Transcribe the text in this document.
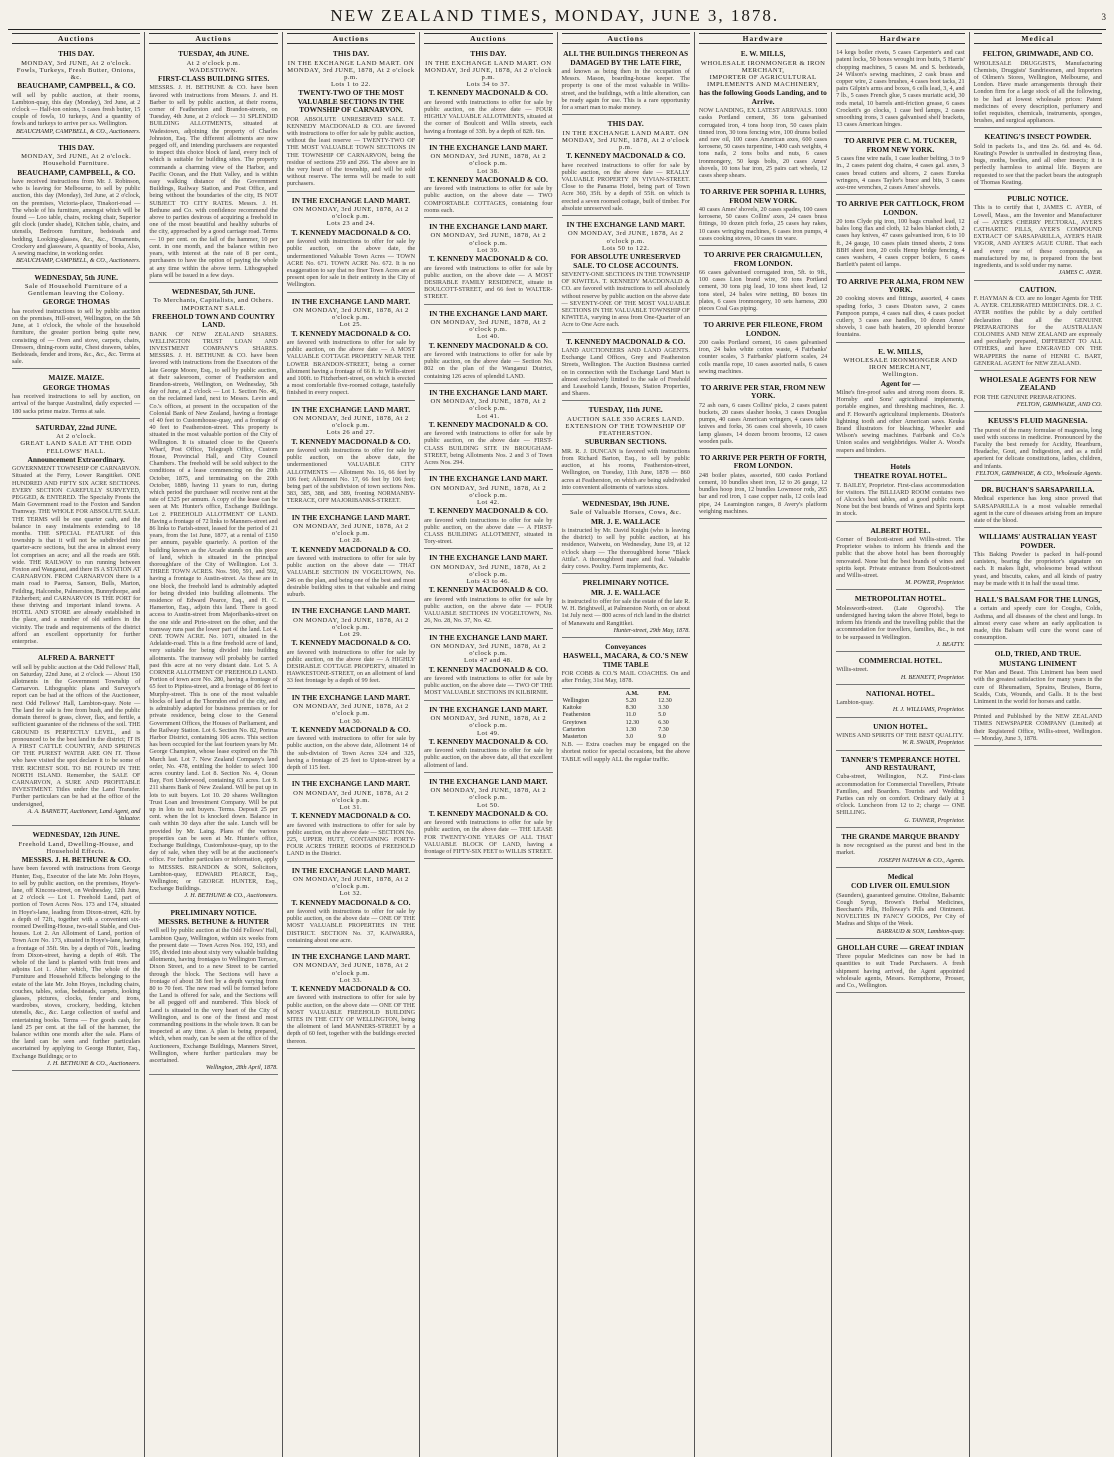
3
NEW ZEALAND TIMES, MONDAY, JUNE 3, 1878.
Auctions
THIS DAY.
MONDAY, 3rd JUNE, At 2 o'clock.
Fowls, Turkeys, Fresh Butter, Onions, &c.
BEAUCHAMP, CAMPBELL, & CO.
will sell by public auction, at their rooms, Lambton-quay, this day (Monday), 3rd June, at 2 o'clock — Half-ton onions, 3 cases fresh butter, 15 couple of fowls, 10 turkeys, And a quantity of fowls and turkeys to arrive per s.s. Wellington.
BEAUCHAMP, CAMPBELL, & CO., Auctioneers.
THIS DAY.
MONDAY, 3rd JUNE, At 2 o'clock.
Household Furniture.
BEAUCHAMP, CAMPBELL, & CO.
have received instructions from Mr. J. Robinson, who is leaving for Melbourne, to sell by public auction, this day (Monday), 3rd June, at 2 o'clock, on the premises, Victoria-place, Tinakori-road — The whole of his furniture, amongst which will be found — Loo table, chairs, rocking chair, Superior gilt clock (under shade), Kitchen table, chairs, and utensils, Bedroom furniture, bedsteads and bedding, Looking-glasses, &c., &c., Ornaments, Crockery and glassware, A quantity of books, Also, A sewing machine, in working order.
BEAUCHAMP, CAMPBELL, & CO., Auctioneers.
WEDNESDAY, 5th JUNE.
Sale of Household Furniture of a Gentleman leaving the Colony.
GEORGE THOMAS
has received instructions to sell by public auction on the premises, Hill-street, Wellington, on the 5th June, at 1 o'clock, the whole of the household furniture, the greater portion being quite new, consisting of — Oven and stove, carpets, chairs, Dressers, dining-room suite, Chest drawers, tables, Bedsteads, fender and irons, &c., &c., &c. Terms at sale.
MAIZE. MAIZE.
GEORGE THOMAS
has received instructions to sell by auction, on arrival of the barque Australind, daily expected — 180 sacks prime maize. Terms at sale.
SATURDAY, 22nd JUNE.
At 2 o'clock.
GREAT LAND SALE AT THE ODD FELLOWS' HALL.
Announcement Extraordinary.
GOVERNMENT TOWNSHIP OF CARNARVON. Situated at the Ferry, Lower Rangitikei. ONE HUNDRED AND FIFTY SIX ACRE SECTIONS. EVERY SECTION CAREFULLY SURVEYED, PEGGED, & ENTERED. The Specialty Fronts the Main Government road to the Foxton and Sandon Tramway. THE WHOLE FOR ABSOLUTE SALE. THE TERMS will be one quarter cash, and the balance in easy instalments extending to 18 months. THE SPECIAL FEATURE of this township is that it will not be subdivided into quarter-acre sections, but the area in almost every lot comprises an acre; and all the roads are 66ft. wide. THE RAILWAY to run running between Foxton and Wanganui, and there IS A STATION AT CARNARVON. FROM CARNARVON there is a main road to Paeroa, Sanson, Bulls, Marton, Feilding, Halcombe, Palmerston, Bunnythorpe, and Fitzherbert; and CARNARVON IS THE PORT for these thriving and important inland towns. A HOTEL AND STORE are already established in the place, and a number of old settlers in the vicinity. The trade and requirements of the district afford an excellent opportunity for further enterprise.
ALFRED A. BARNETT
will sell by public auction at the Odd Fellows' Hall, on Saturday, 22nd June, at 2 o'clock — About 150 allotments in the Government Township of Carnarvon. Lithographic plans and Surveyor's report can be had at the offices of the Auctioneer, next Odd Fellows' Hall, Lambton-quay. Note — The land for sale is free from bush, and the public domain thereof is grass, clover, flax, and fertile, a sufficient guarantee of the richness of the soil. THE GROUND IS PERFECTLY LEVEL, and is pronounced to be the best land in the district; IT IS A FIRST CATTLE COUNTRY, AND SPRINGS OF THE PUREST WATER ARE ON IT. Those who have visited the spot declare it to be some of THE RICHEST SOIL TO BE FOUND IN THE NORTH ISLAND. Remember, the SALE OF CARNARVON, A SURE AND PROFITABLE INVESTMENT. Titles under the Land Transfer. Further particulars can be had at the office of the undersigned,
A. A. BARNETT, Auctioneer, Land Agent, and Valuator.
WEDNESDAY, 12th JUNE.
Freehold Land, Dwelling-House, and Household Effects.
MESSRS. J. H. BETHUNE & CO.
have been favored with instructions from George Hunter, Esq., Executor of the late Mr. John Hoyes, to sell by public auction, on the premises, Hoye's-lane, off Kincora-street, on Wednesday, 12th June, at 2 o'clock — Lot 1. Freehold Land, part of portion of Town Acres Nos. 173 and 174, situated in Hoye's-lane, leading from Dixon-street, 42ft. by a depth of 72ft., together with a convenient six-roomed Dwelling-House, two-stall Stable, and Out-houses. Lot 2. An Allotment of Land, portion of Town Acre No. 173, situated in Hoye's-lane, having a frontage of 35ft. 9in. by a depth of 70ft., leading from Dixon-street, having a depth of 46ft. The whole of the land is planted with fruit trees and adjoins Lot 1. After which, The whole of the Furniture and Household Effects belonging to the estate of the late Mr. John Hoyes, including chairs, couches, tables, sofas, bedsteads, carpets, looking glasses, pictures, clocks, fender and irons, wardrobes, stoves, crockery, bedding, kitchen utensils, &c., &c. Large collection of useful and entertaining books. Terms — For goods cash, for land 25 per cent. at the fall of the hammer, the balance within one month after the sale. Plans of the land can be seen and further particulars ascertained by applying to George Hunter, Esq., Exchange Buildings; or to
J. H. BETHUNE & CO., Auctioneers.
Auctions
TUESDAY, 4th JUNE.
At 2 o'clock p.m.
WADESTOWN.
FIRST-CLASS BUILDING SITES.
MESSRS. J. H. BETHUNE & CO. have been favored with instructions from Messrs. J. and H. Barber to sell by public auction, at their rooms, corner of Featherston and Brandon-streets, on Tuesday, 4th June, at 2 o'clock — 31 SPLENDID BUILDING ALLOTMENTS, situated at Wadestown, adjoining the property of Charles Johnston, Esq. The different allotments are now pegged off, and intending purchasers are requested to inspect this choice block of land, every inch of which is suitable for building sites. The property commands a charming view of the Harbor, and Pacific Ocean, and the Hutt Valley, and is within easy walking distance of the Government Buildings, Railway Station, and Post Office, and being without the boundaries of the city, IS NOT SUBJECT TO CITY RATES. Messrs. J. H. Bethune and Co. with confidence recommend the above to parties desirous of acquiring a freehold in one of the most beautiful and healthy suburbs of the city, approached by a good carriage road. Terms — 10 per cent. on the fall of the hammer, 10 per cent. in one month, and the balance within two years, with interest at the rate of 8 per cent., purchasers to have the option of paying the whole at any time within the above term. Lithographed plans will be issued in a few days.
WEDNESDAY, 5th JUNE.
To Merchants, Capitalists, and Others.
IMPORTANT SALE.
FREEHOLD TOWN AND COUNTRY LAND.
BANK OF NEW ZEALAND SHARES. WELLINGTON TRUST LOAN AND INVESTMENT COMPANY'S SHARES. MESSRS. J. H. BETHUNE & CO. have been favored with instructions from the Executors of the late George Moore, Esq., to sell by public auction, at their salesroom, corner of Featherston and Brandon-streets, Wellington, on Wednesday, 5th day of June, at 2 o'clock — Lot 1. Section No. 46, on the reclaimed land, next to Messrs. Levin and Co.'s offices, at present in the occupation of the Colonial Bank of New Zealand, having a frontage of 40 feet to Customhouse-quay, and a frontage of 40 feet to Featherston-street. This property is situated in the most valuable portion of the City of Wellington. It is situated close to the Queen's Wharf, Post Office, Telegraph Office, Custom House, Provincial Hall, and City Council Chambers. The freehold will be sold subject to the conditions of a lease commencing on the 20th October, 1875, and terminating on the 20th October, 1889, having 11 years to run, during which period the purchaser will receive rent at the rate of £325 per annum. A copy of the lease can be seen at Mr. Hunter's office, Exchange Buildings. Lot 2. FREEHOLD ALLOTMENT OF LAND. Having a frontage of 72 links to Manners-street and 86 links to Farish-street, leased for the period of 21 years, from the 1st June, 1877, at a rental of £150 per annum, payable quarterly. A portion of the building known as the Arcade stands on this piece of land, which is situated in the principal thoroughfare of the City of Wellington. Lot 3. THREE TOWN ACRES. Nos. 590, 591, and 592, having a frontage to Austin-street. As these are in one block, the freehold land is admirably adapted for being divided into building allotments. The residence of Edward Pearce, Esq., and H. C. Hamerton, Esq., adjoin this land. There is good access to Austin-street from Majoribanks-street on the one side and Pirie-street on the other, and the tramway runs past the lower part of the land. Lot 4. ONE TOWN ACRE. No. 1071, situated in the Adelaide-road. This is a fine freehold acre of land, very suitable for being divided into building allotments. The tramway will probably be carried past this acre at no very distant date. Lot 5. A CORNER ALLOTMENT OF FREEHOLD LAND. Portion of town acre No. 280, having a frontage of 65 feet to Pipitea-street, and a frontage of 86 feet to Murphy-street. This is one of the most valuable blocks of land at the Thorndon end of the city, and is admirably adapted for business premises or for private residence, being close to the General Government Offices, the Houses of Parliament, and the Railway Station. Lot 6. Section No. 82, Porirua Harbor District, containing 106 acres. This section has been occupied for the last fourteen years by Mr. George Champion, whose lease expired on the 7th March last. Lot 7. New Zealand Company's land order, No. 478, entitling the holder to select 100 acres country land. Lot 8. Section No. 4, Ocean Bay, Fort Underwood, containing 63 acres. Lot 9. 211 shares Bank of New Zealand. Will be put up in lots to suit buyers. Lot 10. 20 shares Wellington Trust Loan and Investment Company. Will be put up in lots to suit buyers. Terms. Deposit 25 per cent. when the lot is knocked down. Balance in cash within 30 days after the sale. Lunch will be provided by Mr. Laing. Plans of the various properties can be seen at Mr. Hunter's office, Exchange Buildings, Customhouse-quay, up to the day of sale, when they will be at the auctioneer's office. For further particulars or information, apply to MESSRS. BRANDON & SON, Solicitors, Lambton-quay, EDWARD PEARCE, Esq., Wellington; or GEORGE HUNTER, Esq., Exchange Buildings.
J. H. BETHUNE & CO., Auctioneers.
PRELIMINARY NOTICE.
MESSRS. BETHUNE & HUNTER
will sell by public auction at the Odd Fellows' Hall, Lambton Quay, Wellington, within six weeks from the present date — Town Acres Nos. 192, 193, and 195, divided into about sixty very valuable building allotments, having frontages to Wellington Terrace, Dixon Street, and to a new Street to be carried through the block. The Sections will have a frontage of about 38 feet by a depth varying from 80 to 70 feet. The new road will be formed before the Land is offered for sale, and the Sections will be all pegged off and numbered. This block of Land is situated in the very heart of the City of Wellington, and is one of the finest and most commanding positions in the whole town. It can be inspected at any time. A plan is being prepared, which, when ready, can be seen at the office of the Auctioneers, Exchange Buildings, Manners Street, Wellington, where further particulars may be ascertained.
Wellington, 28th April, 1878.
Auctions
THIS DAY.
IN THE EXCHANGE LAND MART. ON MONDAY, 3rd JUNE, 1878, At 2 o'clock p.m.
Lots 1 to 22.
TWENTY-TWO OF THE MOST VALUABLE SECTIONS IN THE TOWNSHIP OF CARNARVON.
FOR ABSOLUTE UNRESERVED SALE. T. KENNEDY MACDONALD & CO. are favored with instructions to offer for sale by public auction, without the least reserve — TWENTY-TWO OF THE MOST VALUABLE TOWN SECTIONS IN THE TOWNSHIP OF CARNARVON, being the residue of sections 259 and 266. The above are in the very heart of the township, and will be sold without reserve. The terms will be made to suit purchasers.
IN THE EXCHANGE LAND MART.
ON MONDAY, 3rd JUNE, 1878, At 2 o'clock p.m.
Lots 23 and 24.
T. KENNEDY MACDONALD & CO.
are favored with instructions to offer for sale by public auction, on the above date, the undermentioned Valuable Town Acres — TOWN ACRE No. 671. TOWN ACRE No. 672. It is no exaggeration to say that no finer Town Acres are at present open for sale in their entirety in the City of Wellington.
IN THE EXCHANGE LAND MART.
ON MONDAY, 3rd JUNE, 1878, At 2 o'clock p.m.
Lot 25.
T. KENNEDY MACDONALD & CO.
are favored with instructions to offer for sale by public auction, on the above date — A MOST VALUABLE COTTAGE PROPERTY NEAR THE LOWER BRANDON-STREET, being a corner allotment having a frontage of 66 ft. to Willis-street and 100ft. to Fitzherbert-street, on which is erected a most comfortable five-roomed cottage, tastefully finished in every respect.
IN THE EXCHANGE LAND MART.
ON MONDAY, 3rd JUNE, 1878, At 2 o'clock p.m.
Lots 26 and 27.
T. KENNEDY MACDONALD & CO.
are favored with instructions to offer for sale by public auction, on the above date, the undermentioned VALUABLE CITY ALLOTMENTS — Allotment No. 16, 66 feet by 106 feet; Allotment No. 17, 66 feet by 106 feet; being part of the subdivision of town sections Nos. 383, 385, 388, and 389, fronting NORMANBY-TERRACE, OFF MAJORIBANKS-STREET.
IN THE EXCHANGE LAND MART.
ON MONDAY, 3rd JUNE, 1878, At 2 o'clock p.m.
Lot 28.
T. KENNEDY MACDONALD & CO.
are favored with instructions to offer for sale by public auction on the above date — THAT VALUABLE SECTION IN VOGELTOWN, No. 246 on the plan, and being one of the best and most desirable building sites in that valuable and rising suburb.
IN THE EXCHANGE LAND MART.
ON MONDAY, 3rd JUNE, 1878, At 2 o'clock p.m.
Lot 29.
T. KENNEDY MACDONALD & CO.
are favored with instructions to offer for sale by public auction, on the above date — A HIGHLY DESIRABLE COTTAGE PROPERTY, situated in HAWKESTONE-STREET, on an allotment of land 33 feet frontage by a depth of 99 feet.
IN THE EXCHANGE LAND MART.
ON MONDAY, 3rd JUNE, 1878, At 2 o'clock p.m.
Lot 30.
T. KENNEDY MACDONALD & CO.
are favored with instructions to offer for sale by public auction, on the above date, Allotment 14 of the sub-division of Town Acres 324 and 325, having a frontage of 25 feet to Upton-street by a depth of 115 feet.
IN THE EXCHANGE LAND MART.
ON MONDAY, 3rd JUNE, 1878, At 2 o'clock p.m.
Lot 31.
T. KENNEDY MACDONALD & CO.
are favored with instructions to offer for sale by public auction, on the above date — SECTION No. 225, UPPER HUTT, CONTAINING FORTY-FOUR ACRES THREE ROODS of FREEHOLD LAND in the District.
IN THE EXCHANGE LAND MART.
ON MONDAY, 3rd JUNE, 1878, At 2 o'clock p.m.
Lot 32.
T. KENNEDY MACDONALD & CO.
are favored with instructions to offer for sale by public auction, on the above date — ONE OF THE MOST VALUABLE PROPERTIES IN THE DISTRICT. SECTION No. 37, KAIWARRA, containing about one acre.
IN THE EXCHANGE LAND MART.
ON MONDAY, 3rd JUNE, 1878, At 2 o'clock p.m.
Lot 33.
T. KENNEDY MACDONALD & CO.
are favored with instructions to offer for sale by public auction, on the above date — ONE OF THE MOST VALUABLE FREEHOLD BUILDING SITES IN THE CITY OF WELLINGTON, being the allotment of land MANNERS-STREET by a depth of 60 feet, together with the buildings erected thereon.
Auctions
THIS DAY.
IN THE EXCHANGE LAND MART. ON MONDAY, 3rd JUNE, 1878, At 2 o'clock p.m.
Lots 34 to 37.
T. KENNEDY MACDONALD & CO.
are favored with instructions to offer for sale by public auction, on the above date — FOUR HIGHLY VALUABLE ALLOTMENTS, situated at the corner of Boulcott and Willis streets, each having a frontage of 33ft. by a depth of 82ft. 6in.
IN THE EXCHANGE LAND MART.
ON MONDAY, 3rd JUNE, 1878, At 2 o'clock p.m.
Lot 38.
T. KENNEDY MACDONALD & CO.
are favored with instructions to offer for sale by public auction, on the above date — TWO COMFORTABLE COTTAGES, containing four rooms each.
IN THE EXCHANGE LAND MART.
ON MONDAY, 3rd JUNE, 1878, At 2 o'clock p.m.
Lot 39.
T. KENNEDY MACDONALD & CO.
are favored with instructions to offer for sale by public auction, on the above date — A MOST DESIRABLE FAMILY RESIDENCE, situate in BOULCOTT-STREET, and 66 feet to WALTER-STREET.
IN THE EXCHANGE LAND MART.
ON MONDAY, 3rd JUNE, 1878, At 2 o'clock p.m.
Lot 40.
T. KENNEDY MACDONALD & CO.
are favored with instructions to offer for sale by public auction, on the above date — Section No. 802 on the plan of the Wanganui District, containing 126 acres of splendid LAND.
IN THE EXCHANGE LAND MART.
ON MONDAY, 3rd JUNE, 1878, At 2 o'clock p.m.
Lot 41.
T. KENNEDY MACDONALD & CO.
are favored with instructions to offer for sale by public auction, on the above date — FIRST-CLASS BUILDING SITE IN BROUGHAM-STREET, being Allotments Nos. 2 and 3 of Town Acres Nos. 294.
IN THE EXCHANGE LAND MART.
ON MONDAY, 3rd JUNE, 1878, At 2 o'clock p.m.
Lot 42.
T. KENNEDY MACDONALD & CO.
are favored with instructions to offer for sale by public auction, on the above date — A FIRST-CLASS BUILDING ALLOTMENT, situated in Tory-street.
IN THE EXCHANGE LAND MART.
ON MONDAY, 3rd JUNE, 1878, At 2 o'clock p.m.
Lots 43 to 46.
T. KENNEDY MACDONALD & CO.
are favored with instructions to offer for sale by public auction, on the above date — FOUR VALUABLE SECTIONS IN VOGELTOWN, No. 26, No. 28, No. 37, No. 42.
IN THE EXCHANGE LAND MART.
ON MONDAY, 3rd JUNE, 1878, At 2 o'clock p.m.
Lots 47 and 48.
T. KENNEDY MACDONALD & CO.
are favored with instructions to offer for sale by public auction, on the above date — TWO OF THE MOST VALUABLE SECTIONS IN KILBIRNIE.
IN THE EXCHANGE LAND MART.
ON MONDAY, 3rd JUNE, 1878, At 2 o'clock p.m.
Lot 49.
T. KENNEDY MACDONALD & CO.
are favored with instructions to offer for sale by public auction, on the above date, all that excellent allotment of land.
IN THE EXCHANGE LAND MART.
ON MONDAY, 3rd JUNE, 1878, At 2 o'clock p.m.
Lot 50.
T. KENNEDY MACDONALD & CO.
are favored with instructions to offer for sale by public auction, on the above date — THE LEASE FOR TWENTY-ONE YEARS OF ALL THAT VALUABLE BLOCK OF LAND, having a frontage of FIFTY-SIX FEET to WILLIS STREET.
Auctions
ALL THE BUILDINGS THEREON AS DAMAGED BY THE LATE FIRE,
and known as being then in the occupation of Messrs. Mason, boarding-house keeper. The property is one of the most valuable in Willis-street, and the buildings, with a little alteration, can be ready again for use. This is a rare opportunity for a smart man to make money.
THIS DAY.
IN THE EXCHANGE LAND MART. ON MONDAY, 3rd JUNE, 1878, At 2 o'clock p.m.
T. KENNEDY MACDONALD & CO.
have received instructions to offer for sale by public auction, on the above date — REALLY VALUABLE PROPERTY IN VIVIAN-STREET. Close to the Panama Hotel, being part of Town Acre 360, 35ft. by a depth of 55ft. on which is erected a seven roomed cottage, built of timber. For absolute unreserved sale.
IN THE EXCHANGE LAND MART.
ON MONDAY, 3rd JUNE, 1878, At 2 o'clock p.m.
Lots 50 to 122.
FOR ABSOLUTE UNRESERVED SALE. TO CLOSE ACCOUNTS.
SEVENTY-ONE SECTIONS IN THE TOWNSHIP OF KIWITEA. T. KENNEDY MACDONALD & CO. are favored with instructions to sell absolutely without reserve by public auction on the above date — SEVENTY-ONE OF THE MOST VALUABLE SECTIONS IN THE VALUABLE TOWNSHIP OF KIWITEA, varying in area from One-Quarter of an Acre to One Acre each.
T. KENNEDY MACDONALD & CO.
LAND AUCTIONEERS AND LAND AGENTS. Exchange Land Offices, Grey and Featherston Streets, Wellington. The Auction Business carried on in connection with the Exchange Land Mart is almost exclusively limited to the sale of Freehold and Leasehold Lands, Houses, Station Properties, and Shares.
TUESDAY, 11th JUNE.
AUCTION SALE 330 ACRES LAND.
EXTENSION OF THE TOWNSHIP OF FEATHERSTON.
SUBURBAN SECTIONS.
MR. R. J. DUNCAN is favored with instructions from Richard Barton, Esq., to sell by public auction, at his rooms, Featherston-street, Wellington, on Tuesday, 11th June, 1878 — 860 acres at Featherston, on which are being subdivided into convenient allotments of various sizes.
WEDNESDAY, 19th JUNE.
Sale of Valuable Horses, Cows, &c.
MR. J. E. WALLACE
is instructed by Mr. David Knight (who is leaving the district) to sell by public auction, at his residence, Waiwetu, on Wednesday, June 19, at 12 o'clock sharp — The thoroughbred horse "Black Attila". A thoroughbred mare and foal. Valuable dairy cows. Poultry. Farm implements, &c.
PRELIMINARY NOTICE.
MR. J. E. WALLACE
is instructed to offer for sale the estate of the late R. W. H. Brightwell, at Palmerston North, on or about 1st July next — 800 acres of rich land in the district of Manawatu and Rangitikei.
Hunter-street, 29th May, 1878.
Conveyances
HASWELL, MACARA, & CO.'S NEW TIME TABLE
FOR COBB & CO.'S MAIL COACHES. On and after Friday, 31st May, 1878.
	A.M.	P.M.
Wellington	5.20	12.30
Kaitoke	8.30	3.30
Featherston	11.0	5.0
Greytown	12.30	6.30
Carterton	1.30	7.30
Masterton	3.0	9.0
N.B. — Extra coaches may be engaged on the shortest notice for special occasions, but the above TABLE will supply ALL the regular traffic.
Hardware
E. W. MILLS,
WHOLESALE IRONMONGER & IRON MERCHANT,
IMPORTER OF AGRICULTURAL IMPLEMENTS AND MACHINERY,
has the following Goods Landing, and to Arrive.
NOW LANDING, EX LATEST ARRIVALS. 1000 casks Portland cement, 36 tons galvanised corrugated iron, 4 tons hoop iron, 50 cases plain tinned iron, 30 tons fencing wire, 100 drums boiled and raw oil, 100 cases American axes, 600 cases kerosene, 50 cases turpentine, 1400 cash weights, 4 tons nails, 2 tons bolts and nuts, 6 cases ironmongery, 50 kegs bolts, 20 cases Ames' shovels, 10 tons bar iron, 25 pairs cart wheels, 12 cases sheep shears.
TO ARRIVE PER SOPHIA R. LUHRS, FROM NEW YORK.
40 cases Ames' shovels, 20 cases spades, 100 cases kerosene, 50 cases Collins' axes, 24 cases brass fittings, 10 dozen pitch forks, 25 cases hay rakes, 10 cases wringing machines, 6 cases iron pumps, 4 cases cooking stoves, 10 cases tin ware.
TO ARRIVE PER CRAIGMULLEN, FROM LONDON.
66 cases galvanised corrugated iron, 5ft. to 9ft., 100 cases Lion brand wire, 50 tons Portland cement, 30 tons pig lead, 10 tons sheet lead, 12 tons steel, 24 bales wire netting, 80 boxes tin plates, 6 cases ironmongery, 10 sets harness, 200 pieces Coal Gas piping.
TO ARRIVE PER FILEONE, FROM LONDON.
200 casks Portland cement, 16 cases galvanised iron, 24 bales white cotton waste, 4 Fairbanks' counter scales, 3 Fairbanks' platform scales, 24 coils manila rope, 10 cases assorted nails, 6 cases sewing machines.
TO ARRIVE PER STAR, FROM NEW YORK.
72 ash oars, 6 cases Collins' picks, 2 cases patent buckets, 20 cases slasher hooks, 3 cases Douglas pumps, 40 cases American wringers, 4 cases table knives and forks, 36 cases coal shovels, 10 cases lamp glasses, 14 dozen broom brooms, 12 cases wooden pails.
TO ARRIVE PER PERTH OF FORTH, FROM LONDON.
248 boiler plates, assorted, 600 casks Portland cement, 10 bundles sheet iron, 12 to 26 gauge, 12 bundles hoop iron, 12 bundles Lowmoor rods, 265 bar and rod iron, 1 case copper nails, 12 coils lead pipe, 24 Leamington ranges, 8 Avery's platform weighing machines.
Hardware
14 kegs boiler rivets, 5 cases Carpenter's and cast patent locks, 50 boxes wrought iron butts, 5 Harris' chopping machines, 5 cases M. and S. bedsteads, 24 Wilson's sewing machines, 2 cask brass and copper wire, 2 cases brushes, 4 cases boot tacks, 21 pairs Gilpin's arms and boxes, 6 cells lead, 3, 4, and 7 lb., 5 cases French glue, 5 cases muriatic acid, 30 rods metal, 10 barrels anti-friction grease, 6 cases Crockett's go clocks, 1 case bed lamps, 2 cases smoothing irons, 3 cases galvanised shelf brackets, 13 cases American hinges.
TO ARRIVE PER C. M. TUCKER, FROM NEW YORK.
5 cases fine wire nails, 1 case leather belting, 3 to 9 in., 2 cases patent dog chains, 4 cases gal. axes, 3 cases bread cutters and slicers, 2 cases Eureka wringers, 4 cases Taylor's brace and bits, 3 cases axe-tree wrenches, 2 cases Ames' shovels.
TO ARRIVE PER CATTLOCK, FROM LONDON.
20 tons Clyde pig iron, 100 bags crushed lead, 12 bales long flax and cloth, 12 bales blanket cloth, 2 cases hay knives, 47 cases galvanised iron, 6 to 10 ft., 24 gauge, 10 cases plain tinned sheets, 2 tons BBH sheet iron, 20 coils Hemp bridge fencing, 4 cases washers, 4 cases copper boilers, 6 cases Bartlett's patent oil lamps.
TO ARRIVE PER ALMA, FROM NEW YORK.
20 cooking stoves and fittings, assorted, 4 cases spading forks, 3 cases Disston saws, 2 cases Pampoon pumps, 4 cases nail dies, 4 cases pocket cutlery, 3 cases axe handles, 10 dozen Ames' shovels, 1 case bath heaters, 20 splendid bronze fountains.
E. W. MILLS,
WHOLESALE IRONMONGER AND IRON MERCHANT,
Wellington.
Agent for —
Milne's fire-proof safes and strong room doors. R. Hornsby and Sons' agricultural implements, portable engines, and threshing machines, &c. J. and F. Howard's agricultural implements. Disston's lightning tooth and other American saws. Keuka Brand illustrators for bleaching. Wheeler and Wilson's sewing machines. Fairbank and Co.'s Union scales and weighbridges. Walter A. Wood's reapers and binders.
Hotels
THEATRE ROYAL HOTEL.
T. BAILEY, Proprietor. First-class accommodation for visitors. The BILLIARD ROOM contains two of Alcock's best tables, and a good public room. None but the best brands of Wines and Spirits kept in stock.
ALBERT HOTEL.
Corner of Boulcott-street and Willis-street. The Proprietor wishes to inform his friends and the public that the above hotel has been thoroughly renovated. None but the best brands of wines and spirits kept. Private entrance from Boulcott-street and Willis-street.
M. POWER, Proprietor.
METROPOLITAN HOTEL.
Molesworth-street. (Late Ogorod's). The undersigned having taken the above Hotel, begs to inform his friends and the travelling public that the accommodation for travellers, families, &c., is not to be surpassed in Wellington.
J. BEATTY.
COMMERCIAL HOTEL.
Willis-street.
H. BENNETT, Proprietor.
NATIONAL HOTEL.
Lambton-quay.
H. J. WILLIAMS, Proprietor.
UNION HOTEL.
WINES AND SPIRITS OF THE BEST QUALITY.
W. R. SWAIN, Proprietor.
TANNER'S TEMPERANCE HOTEL AND RESTAURANT,
Cuba-street, Wellington, N.Z. First-class accommodation for Commercial Travellers, Private Families, and Boarders. Tourists and Wedding Parties can rely on comfort. Ordinary daily at 1 o'clock. Luncheon from 12 to 2; charge — ONE SHILLING.
G. TANNER, Proprietor.
THE GRANDE MARQUE BRANDY
is now recognised as the purest and best in the market.
JOSEPH NATHAN & CO., Agents.
Medical
COD LIVER OIL EMULSION
(Saunders), guaranteed genuine. Ottoline, Balsamic Cough Syrup, Brown's Herbal Medicines, Beecham's Pills, Holloway's Pills and Ointment. NOVELTIES IN FANCY GOODS, Per City of Madras and Ships of the Week.
BARRAUD & SON, Lambton-quay.
GHOLLAH CURE — GREAT INDIAN
Three popular Medicines can now be had in quantities to suit Trade Purchasers. A fresh shipment having arrived, the Agent appointed wholesale agents, Messrs. Kempthorne, Prosser, and Co., Wellington.
Medical
FELTON, GRIMWADE, AND CO.
WHOLESALE DRUGGISTS, Manufacturing Chemists, Druggists' Sundriesmen, and Importers of Oilmen's Stores, Wellington, Melbourne, and London. Have made arrangements through their London firm for a large stock of all the following, to be had at lowest wholesale prices: Patent medicines of every description, perfumery and toilet requisites, chemicals, instruments, sponges, brushes, and surgical appliances.
KEATING'S INSECT POWDER.
Sold in packets 1s., and tins 2s. 6d. and 4s. 6d. Keating's Powder is unrivalled in destroying fleas, bugs, moths, beetles, and all other insects; it is perfectly harmless to animal life. Buyers are requested to see that the packet bears the autograph of Thomas Keating.
PUBLIC NOTICE.
This is to certify that I, JAMES C. AYER, of Lowell, Mass., am the Inventor and Manufacturer of — AYER'S CHERRY PECTORAL, AYER'S CATHARTIC PILLS, AYER'S COMPOUND EXTRACT OF SARSAPARILLA, AYER'S HAIR VIGOR, AND AYER'S AGUE CURE. That each and every one of these compounds, as manufactured by me, is prepared from the best ingredients, and is sold under my name.
JAMES C. AYER.
CAUTION.
F. HAYMAN & CO. are no longer Agents for THE A. AYER. CELEBRATED MEDICINES. DR. J. C. AYER notifies the public by a duly certified declaration that all the GENUINE PREPARATIONS for the AUSTRALIAN COLONIES AND NEW ZEALAND are expressly and peculiarly prepared, DIFFERENT TO ALL OTHERS, and have ENGRAVED ON THE WRAPPERS the name of HENRI C. BART, GENERAL AGENT for NEW ZEALAND.
WHOLESALE AGENTS FOR NEW ZEALAND
FOR THE GENUINE PREPARATIONS.
FELTON, GRIMWADE, AND CO.
KEUSS'S FLUID MAGNESIA.
The purest of the many formulae of magnesia, long used with success in medicine. Pronounced by the Faculty the best remedy for Acidity, Heartburn, Headache, Gout, and Indigestion, and as a mild aperient for delicate constitutions, ladies, children, and infants.
FELTON, GRIMWADE, & CO., Wholesale Agents.
DR. BUCHAN'S SARSAPARILLA.
Medical experience has long since proved that SARSAPARILLA is a most valuable remedial agent in the cure of diseases arising from an impure state of the blood.
WILLIAMS' AUSTRALIAN YEAST POWDER.
This Baking Powder is packed in half-pound canisters, bearing the proprietor's signature on each. It makes light, wholesome bread without yeast, and biscuits, cakes, and all kinds of pastry may be made with it in half the usual time.
HALL'S BALSAM FOR THE LUNGS,
a certain and speedy cure for Coughs, Colds, Asthma, and all diseases of the chest and lungs. In almost every case where an early application is made, this Balsam will cure the worst case of consumption.
OLD, TRIED, AND TRUE.
MUSTANG LINIMENT
For Man and Beast. This Liniment has been used with the greatest satisfaction for many years in the cure of Rheumatism, Sprains, Bruises, Burns, Scalds, Cuts, Wounds, and Galls. It is the best Liniment in the world for horses and cattle.
Printed and Published by the NEW ZEALAND TIMES NEWSPAPER COMPANY (Limited) at their Registered Office, Willis-street, Wellington. — Monday, June 3, 1878.
